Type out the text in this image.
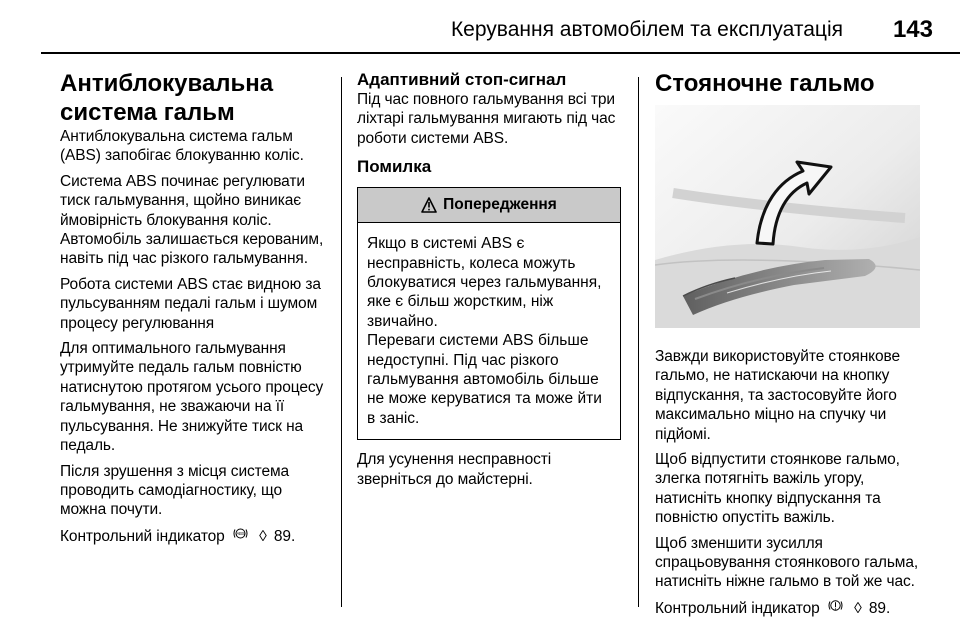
Керування автомобілем та експлуатація 143
Антиблокувальна система гальм

Антиблокувальна система гальм (ABS) запобігає блокуванню коліс.

Система ABS починає регулювати тиск гальмування, щойно виникає ймовірність блокування коліс. Автомобіль залишається керованим, навіть під час різкого гальмування.

Робота системи ABS стає видною за пульсуванням педалі гальм і шумом процесу регулювання

Для оптимального гальмування утримуйте педаль гальм повністю натиснутою протягом усього процесу гальмування, не зважаючи на її пульсування. Не знижуйте тиск на педаль.

Після зрушення з місця система проводить самодіагностику, що можна почути.

Контрольний індикатор	ABS ◊ 89.

Адаптивний стоп-сигнал

Під час повного гальмування всі три ліхтарі гальмування мигають під час роботи системи ABS.

Помилка
Попередження
Якщо в системі ABS є несправність, колеса можуть блокуватися через гальмування, яке є більш жорстким, ніж звичайно.
Переваги системи ABS більше недоступні. Під час різкого гальмування автомобіль більше не може керуватися та може йти в заніс.

Для усунення несправності зверніться до майстерні.

Стояночне гальмо

Завжди використовуйте стоянкове гальмо, не натискаючи на кнопку відпускання, та застосовуйте його максимально міцно на спучку чи підйомі.

Щоб відпустити стоянкове гальмо, злегка потягніть важіль угору, натисніть кнопку відпускання та повністю опустіть важіль.

Щоб зменшити зусилля спрацьовування стоянкового гальма, натисніть ніжне гальмо в той же час.

Контрольний індикатор ◊ 89.
